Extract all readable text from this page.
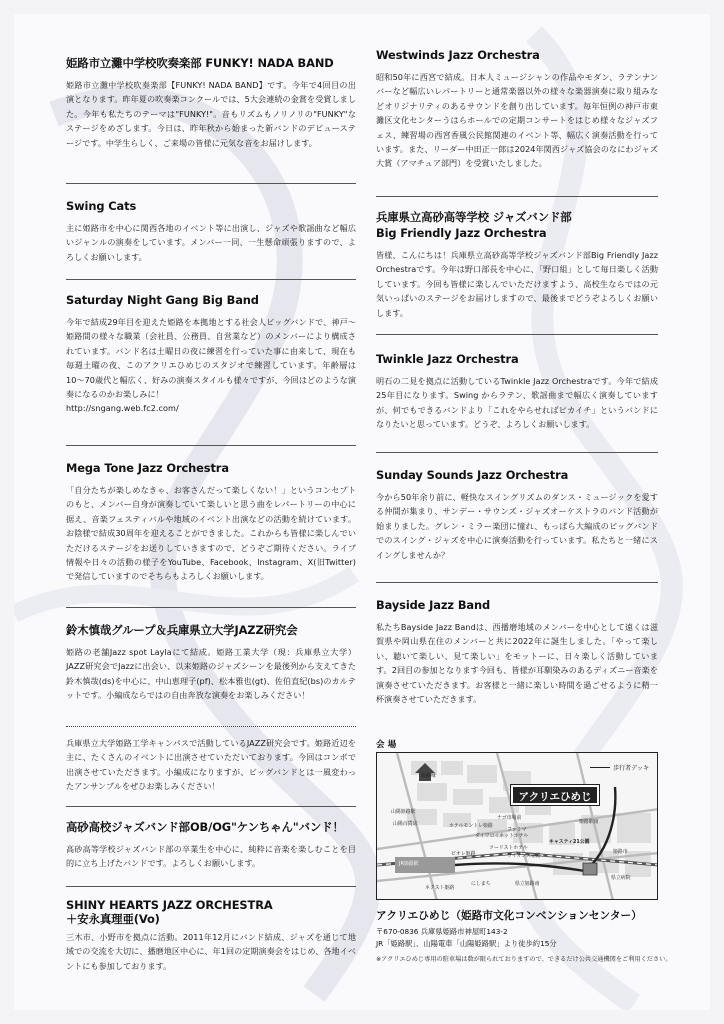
姫路市立灘中学校吹奏楽部 FUNKY! NADA BAND

姫路市立灘中学校吹奏楽部【FUNKY! NADA BAND】です。今年で4回目の出演となります。昨年夏の吹奏楽コンクールでは、5大会連続の金賞を受賞しました。今年も私たちのテーマは"FUNKY!"。音もリズムもノリノリの"FUNKY"なステージをめざします。今日は、昨年秋から始まった新バンドのデビューステージです。中学生らしく、ご来場の皆様に元気な音をお届けします。

Swing Cats

主に姫路市を中心に関西各地のイベント等に出演し、ジャズや歌謡曲など幅広いジャンルの演奏をしています。メンバー一同、一生懸命頑張りますので、よろしくお願いします。

Saturday Night Gang Big Band

今年で結成29年目を迎えた姫路を本拠地とする社会人ビッグバンドで、神戸〜姫路間の様々な職業（会社員、公務員、自営業など）のメンバーにより構成されています。バンド名は土曜日の夜に練習を行っていた事に由来して、現在も毎週土曜の夜、このアクリエひめじのスタジオで練習しています。年齢層は10〜70歳代と幅広く、好みの演奏スタイルも様々ですが、今回はどのような演奏になるのかお楽しみに！

http://sngang.web.fc2.com/

Mega Tone Jazz Orchestra

「自分たちが楽しめなきゃ、お客さんだって楽しくない！」というコンセプトのもと、メンバー自身が演奏していて楽しいと思う曲をレパートリーの中心に据え、音楽フェスティバルや地域のイベント出演などの活動を続けています。お陰様で結成30周年を迎えることができました。これからも皆様に楽しんでいただけるステージをお送りしていきますので、どうぞご期待ください。ライブ情報や日々の活動の様子をYouTube、Facebook、Instagram、X(旧Twitter)で発信していますのでそちらもよろしくお願いします。

鈴木慎哉グループ＆兵庫県立大学JAZZ研究会

姫路の老舗Jazz spot Laylaにて結成。姫路工業大学（現：兵庫県立大学）JAZZ研究会でJazzに出会い、以来姫路のジャズシーンを最後列から支えてきた鈴木慎哉(ds)を中心に、中山恵理子(pf)、松本雅也(gt)、佐伯直紀(bs)のカルテットです。小編成ならではの自由奔放な演奏をお楽しみください！

兵庫県立大学姫路工学キャンパスで活動しているJAZZ研究会です。姫路近辺を主に、たくさんのイベントに出演させていただいております。今回はコンボで出演させていただきます。小編成になりますが、ビッグバンドとは一風変わったアンサンブルをぜひお楽しみください！

高砂高校ジャズバンド部OB/OG"ケンちゃん"バンド！

高砂高等学校ジャズバンド部の卒業生を中心に、純粋に音楽を楽しむことを目的に立ち上げたバンドです。よろしくお願いします。

SHINY HEARTS JAZZ ORCHESTRA
＋安永真理亜(Vo)

三木市、小野市を拠点に活動。2011年12月にバンド結成、ジャズを通じて地域での交流を大切に、播磨地区中心に、年1回の定期演奏会をはじめ、各地イベントにも参加しております。

Westwinds Jazz Orchestra

昭和50年に西宮で結成。日本人ミュージシャンの作品やモダン、ラテンナンバーなど幅広いレパートリーと通常楽器以外の様々な楽器演奏に取り組みなどオリジナリティのあるサウンドを創り出しています。毎年恒例の神戸市東灘区文化センターうはらホールでの定期コンサートをはじめ様々なジャズフェス、練習場の西宮香風公民館関連のイベント等、幅広く演奏活動を行っています。また、リーダー中田正一郎は2024年関西ジャズ協会のなにわジャズ大賞（アマチュア部門）を受賞いたしました。

兵庫県立高砂高等学校 ジャズバンド部
Big Friendly Jazz Orchestra

皆様、こんにちは！兵庫県立高砂高等学校ジャズバンド部Big Friendly Jazz Orchestraです。今年は野口部長を中心に、「野口組」として毎日楽しく活動しています。今回も皆様に楽しんでいただけますよう、高校生ならではの元気いっぱいのステージをお届けしますので、最後までどうぞよろしくお願いします。

Twinkle Jazz Orchestra

明石の二見を拠点に活動しているTwinkle Jazz Orchestraです。今年で結成25年目になります。Swing からラテン、歌謡曲まで幅広く演奏していますが、何でもできるバンドより「これをやらせればピカイチ」というバンドになりたいと思っています。どうぞ、よろしくお願いします。

Sunday Sounds Jazz Orchestra

今から50年余り前に、軽快なスイングリズムのダンス・ミュージックを愛する仲間が集まり、サンデー・サウンズ・ジャズオーケストラのバンド活動が始まりました。グレン・ミラー楽団に憧れ、もっぱら大編成のビッグバンドでのスイング・ジャズを中心に演奏活動を行っています。私たちと一緒にスイングしませんか？

Bayside Jazz Band

私たちBayside Jazz Bandは、西播磨地域のメンバーを中心として遠くは滋賀県や岡山県在住のメンバーと共に2022年に誕生しました。「やって楽しい、聴いて楽しい、見て楽しい」をモットーに、日々楽しく活動しています。2回目の参加となります今回も、皆様が耳馴染みのあるディズニー音楽を演奏させていただきます。お客様と一緒に楽しい時間を過ごせるように精一杯演奏させていただきます。

会 場
歩行者デッキ
アクリエひめじ
姫路城
山陽姫路駅
山陽百貨店
JR姫路駅
ナゴ市場前
ホテルモントレ姫路
ダイワロイネットホテル
キャスティ21公園
県立病院
姫路駅南
ネクスト姫路
ピオレ姫路
県立姫路南
姫路市
ツーリストホテル
ファミマ
ライオンズ姫路
にしまち
アクリエひめじ（姫路市文化コンベンションセンター）
〒670-0836 兵庫県姫路市神屋町143-2
JR「姫路駅」、山陽電車「山陽姫路駅」より徒歩約15分
※アクリエひめじ専用の駐車場は数が限られておりますので、できるだけ公共交通機関をご利用ください。
